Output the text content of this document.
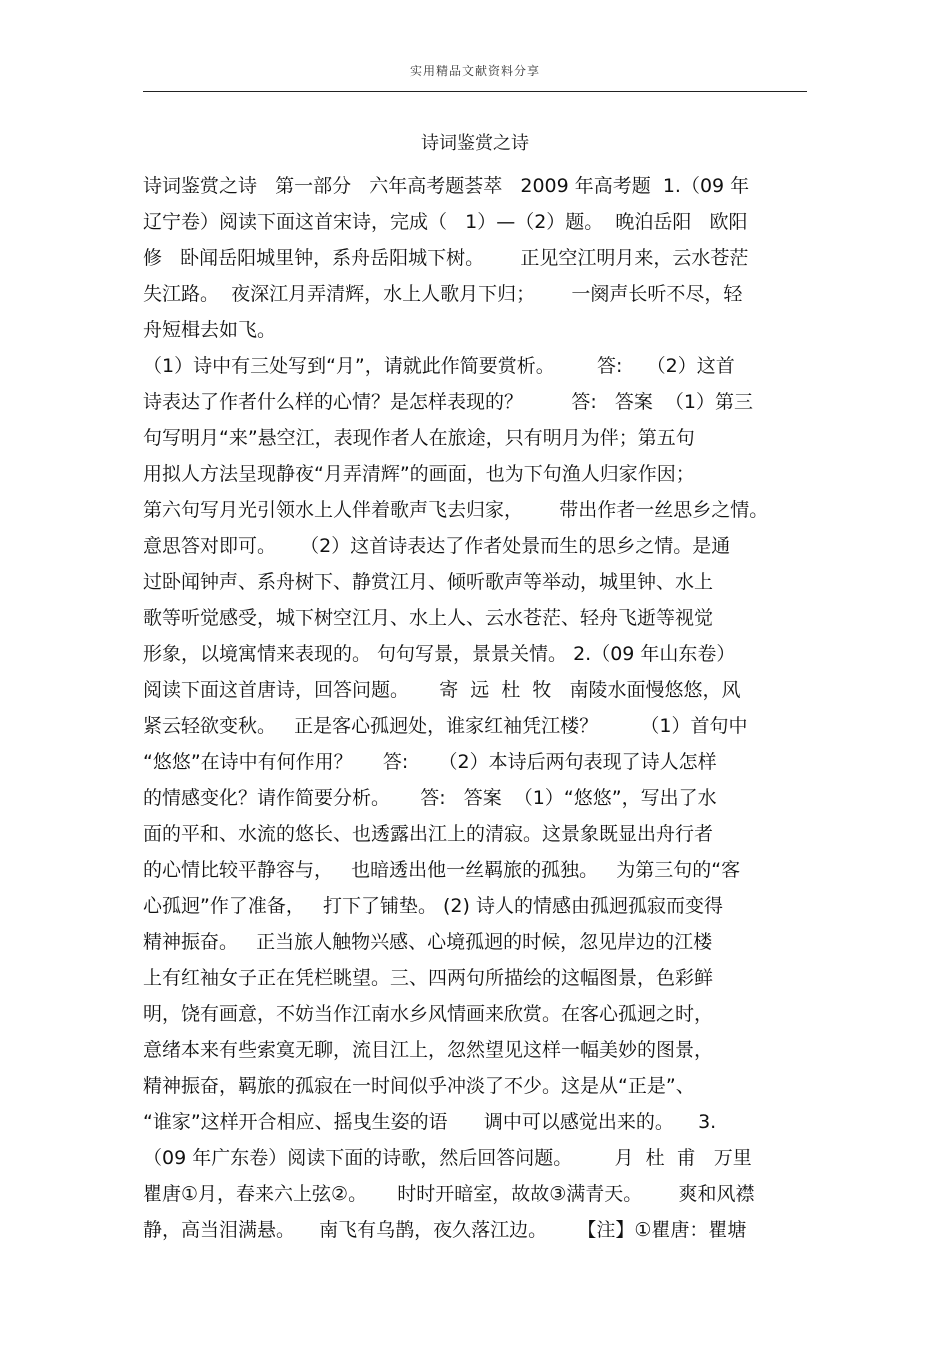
实用精品文献资料分享
诗词鉴赏之诗
诗词鉴赏之诗   第一部分   六年高考题荟萃   2009 年高考题  1.（09 年
辽宁卷）阅读下面这首宋诗，完成（   1）—（2）题。  晚泊岳阳   欧阳
修   卧闻岳阳城里钟，系舟岳阳城下树。      正见空江明月来，云水苍茫
失江路。  夜深江月弄清辉，水上人歌月下归；      一阕声长听不尽，轻
舟短楫去如飞。
（1）诗中有三处写到“月”，请就此作简要赏析。       答:    （2）这首
诗表达了作者什么样的心情？是怎样表现的？        答:   答案  （1）第三
句写明月“来”悬空江，表现作者人在旅途，只有明月为伴；第五句
用拟人方法呈现静夜“月弄清辉”的画面，也为下句渔人归家作因；
第六句写月光引领水上人伴着歌声飞去归家，      带出作者一丝思乡之情。
意思答对即可。    （2）这首诗表达了作者处景而生的思乡之情。是通
过卧闻钟声、系舟树下、静赏江月、倾听歌声等举动，城里钟、水上
歌等听觉感受，城下树空江月、水上人、云水苍茫、轻舟飞逝等视觉
形象，以境寓情来表现的。 句句写景，景景关情。 2.（09 年山东卷）
阅读下面这首唐诗，回答问题。     寄  远  杜  牧   南陵水面慢悠悠，风
紧云轻欲变秋。   正是客心孤迥处，谁家红袖凭江楼？       （1）首句中
“悠悠”在诗中有何作用？     答:     （2）本诗后两句表现了诗人怎样
的情感变化？请作简要分析。     答:   答案  （1）“悠悠”，写出了水
面的平和、水流的悠长、也透露出江上的清寂。这景象既显出舟行者
的心情比较平静容与，   也暗透出他一丝羁旅的孤独。   为第三句的“客
心孤迥”作了准备，   打下了铺垫。 (2) 诗人的情感由孤迥孤寂而变得
精神振奋。   正当旅人触物兴感、心境孤迥的时候，忽见岸边的江楼
上有红袖女子正在凭栏眺望。三、四两句所描绘的这幅图景，色彩鲜
明，饶有画意，不妨当作江南水乡风情画来欣赏。在客心孤迥之时，
意绪本来有些索寞无聊，流目江上，忽然望见这样一幅美妙的图景，
精神振奋，羁旅的孤寂在一时间似乎冲淡了不少。这是从“正是”、
“谁家”这样开合相应、摇曳生姿的语      调中可以感觉出来的。    3.
（09 年广东卷）阅读下面的诗歌，然后回答问题。       月  杜  甫   万里
瞿唐①月，春来六上弦②。     时时开暗室，故故③满青天。      爽和风襟
静，高当泪满悬。    南飞有乌鹊，夜久落江边。     【注】①瞿唐：瞿塘
